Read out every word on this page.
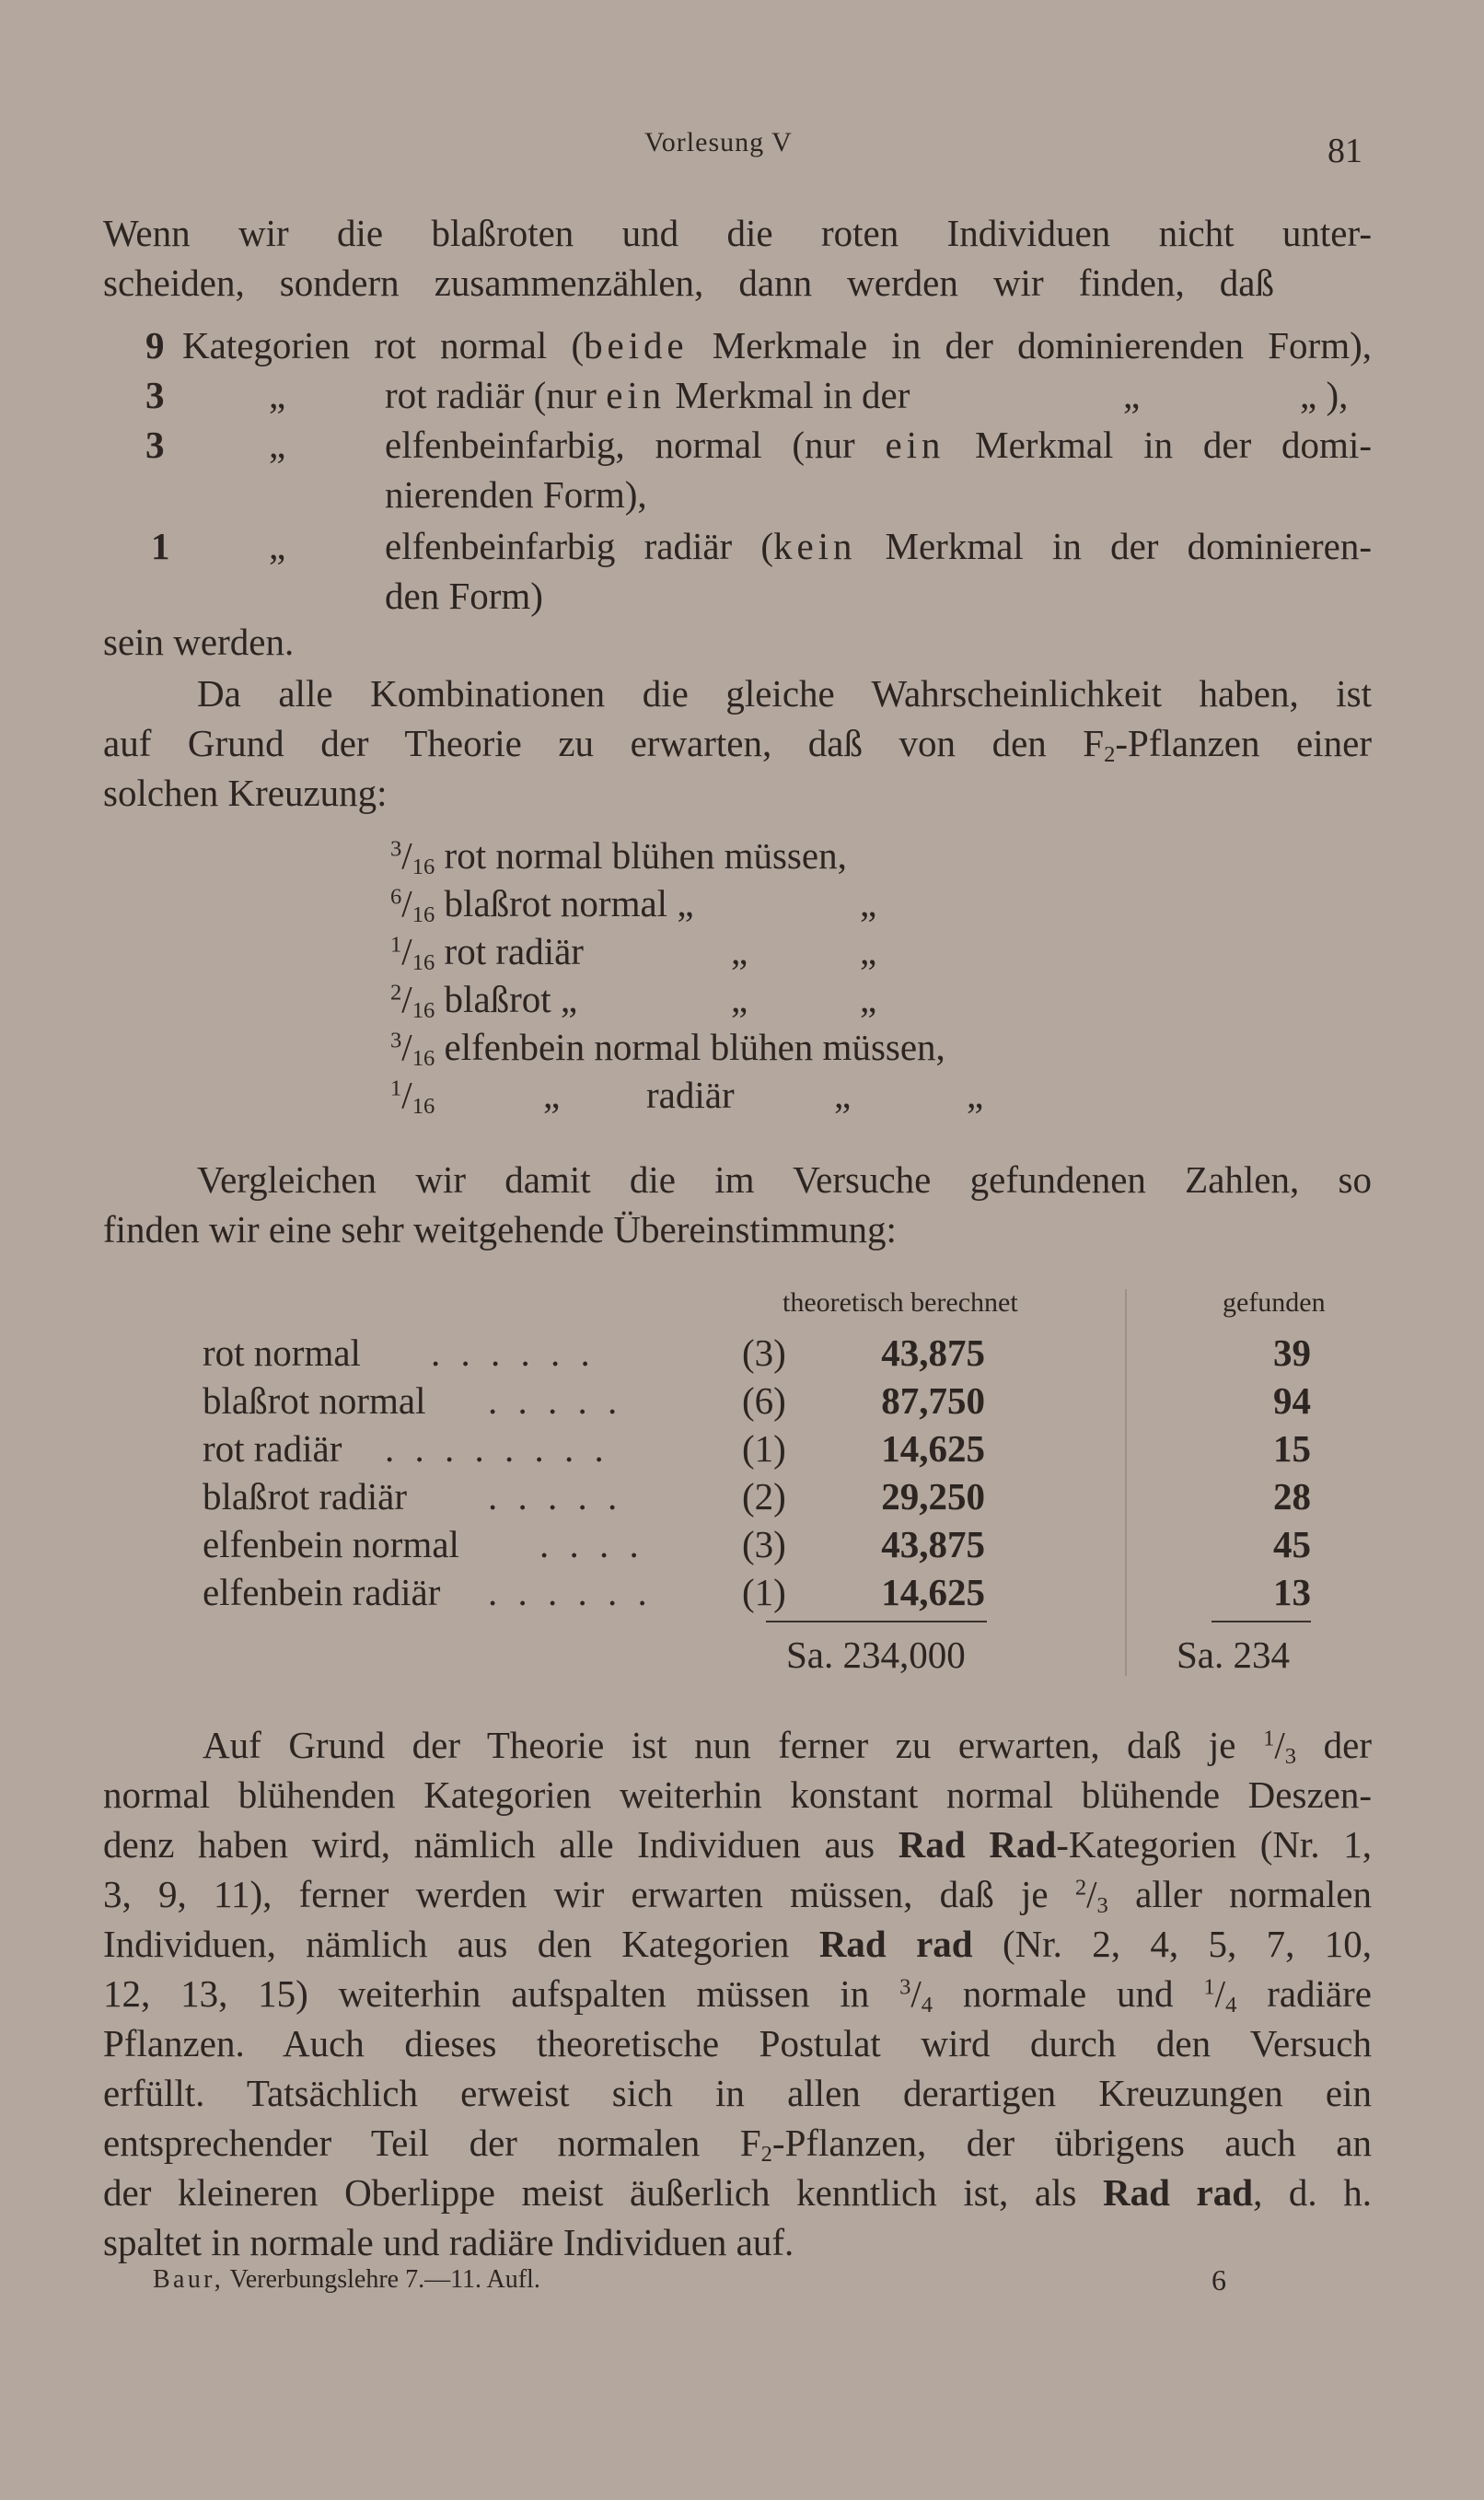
Vorlesung V	81
Wenn wir die blaßroten und die roten Individuen nicht unter-
scheiden, sondern zusammenzählen, dann werden wir finden, daß
9 Kategorien rot normal (beide Merkmale in der dominierenden Form),
3	„	rot radiär (nur ein Merkmal in der	„	„ ),
3	„	elfenbeinfarbig, normal (nur ein Merkmal in der domi-
nierenden Form),
1	„	elfenbeinfarbig radiär (kein Merkmal in der dominieren-
den Form)
sein werden.
Da alle Kombinationen die gleiche Wahrscheinlichkeit haben, ist
auf Grund der Theorie zu erwarten, daß von den $F_2$-Pflanzen einer
solchen Kreuzung:
$^3/_{16}$ rot normal blühen müssen,
$^6/_{16}$ blaßrot normal „	„
$^1/_{16}$ rot radiär	„	„
$^2/_{16}$ blaßrot „	„	„
$^3/_{16}$ elfenbein normal blühen müssen,
$^1/_{16}$	„ radiär	„	„
Vergleichen wir damit die im Versuche gefundenen Zahlen, so
finden wir eine sehr weitgehende Übereinstimmung:
theoretisch berechnet	gefunden
rot normal . . . . . .	(3)	43,875	39
blaßrot normal . . . . .	(6)	87,750	94
rot radiär . . . . . . . .	(1)	14,625	15
blaßrot radiär . . . . .	(2)	29,250	28
elfenbein normal . . . .	(3)	43,875	45
elfenbein radiär . . . . . . (1)	14,625	13
Sa. 234,000	Sa. 234
Auf Grund der Theorie ist nun ferner zu erwarten, daß je $^1/_3$ der
normal blühenden Kategorien weiterhin konstant normal blühende Deszen-
denz haben wird, nämlich alle Individuen aus Rad Rad-Kategorien (Nr. 1,
3, 9, 11), ferner werden wir erwarten müssen, daß je $^2/_3$ aller normalen
Individuen, nämlich aus den Kategorien Rad rad (Nr. 2, 4, 5, 7, 10,
12, 13, 15) weiterhin aufspalten müssen in $^3/_4$ normale und $^1/_4$ radiäre
Pflanzen. Auch dieses theoretische Postulat wird durch den Versuch
erfüllt. Tatsächlich erweist sich in allen derartigen Kreuzungen ein
entsprechender Teil der normalen $F_2$-Pflanzen, der übrigens auch an
der kleineren Oberlippe meist äußerlich kenntlich ist, als Rad rad, d. h.
spaltet in normale und radiäre Individuen auf.
Baur, Vererbungslehre 7.—11. Aufl.	6
